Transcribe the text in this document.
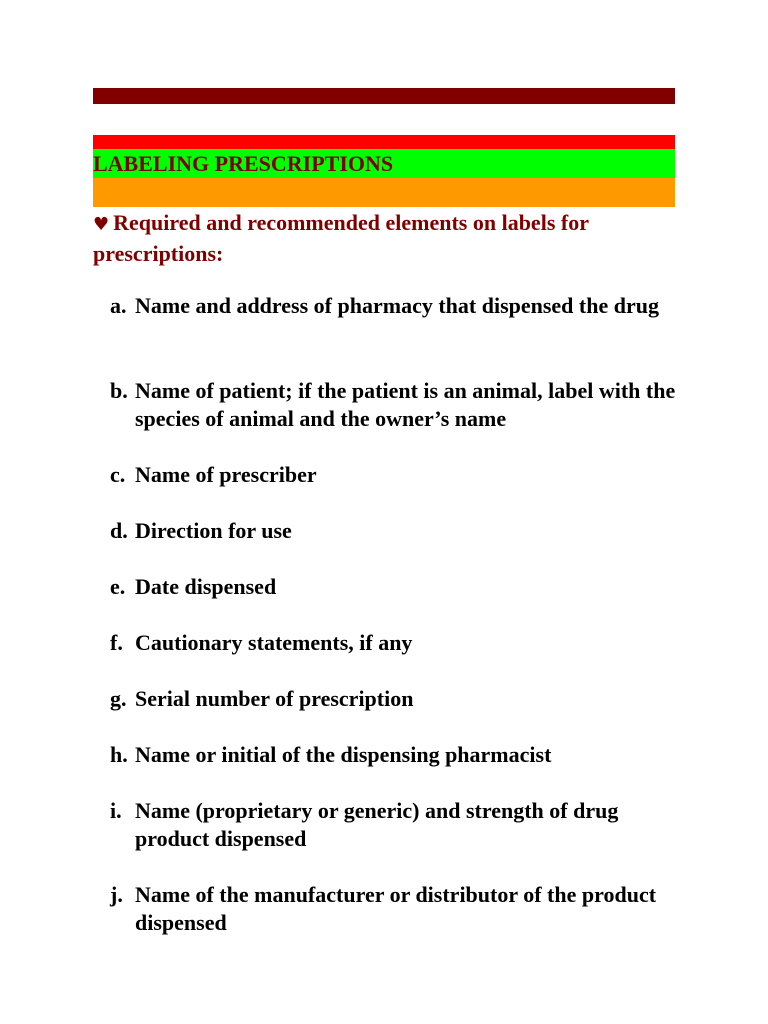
LABELING PRESCRIPTIONS
♥ Required and recommended elements on labels for prescriptions:
a. Name and address of pharmacy that dispensed the drug
b. Name of patient; if the patient is an animal, label with the species of animal and the owner’s name
c. Name of prescriber
d. Direction for use
e. Date dispensed
f. Cautionary statements, if any
g. Serial number of prescription
h. Name or initial of the dispensing pharmacist
i. Name (proprietary or generic) and strength of drug product dispensed
j. Name of the manufacturer or distributor of the product dispensed
